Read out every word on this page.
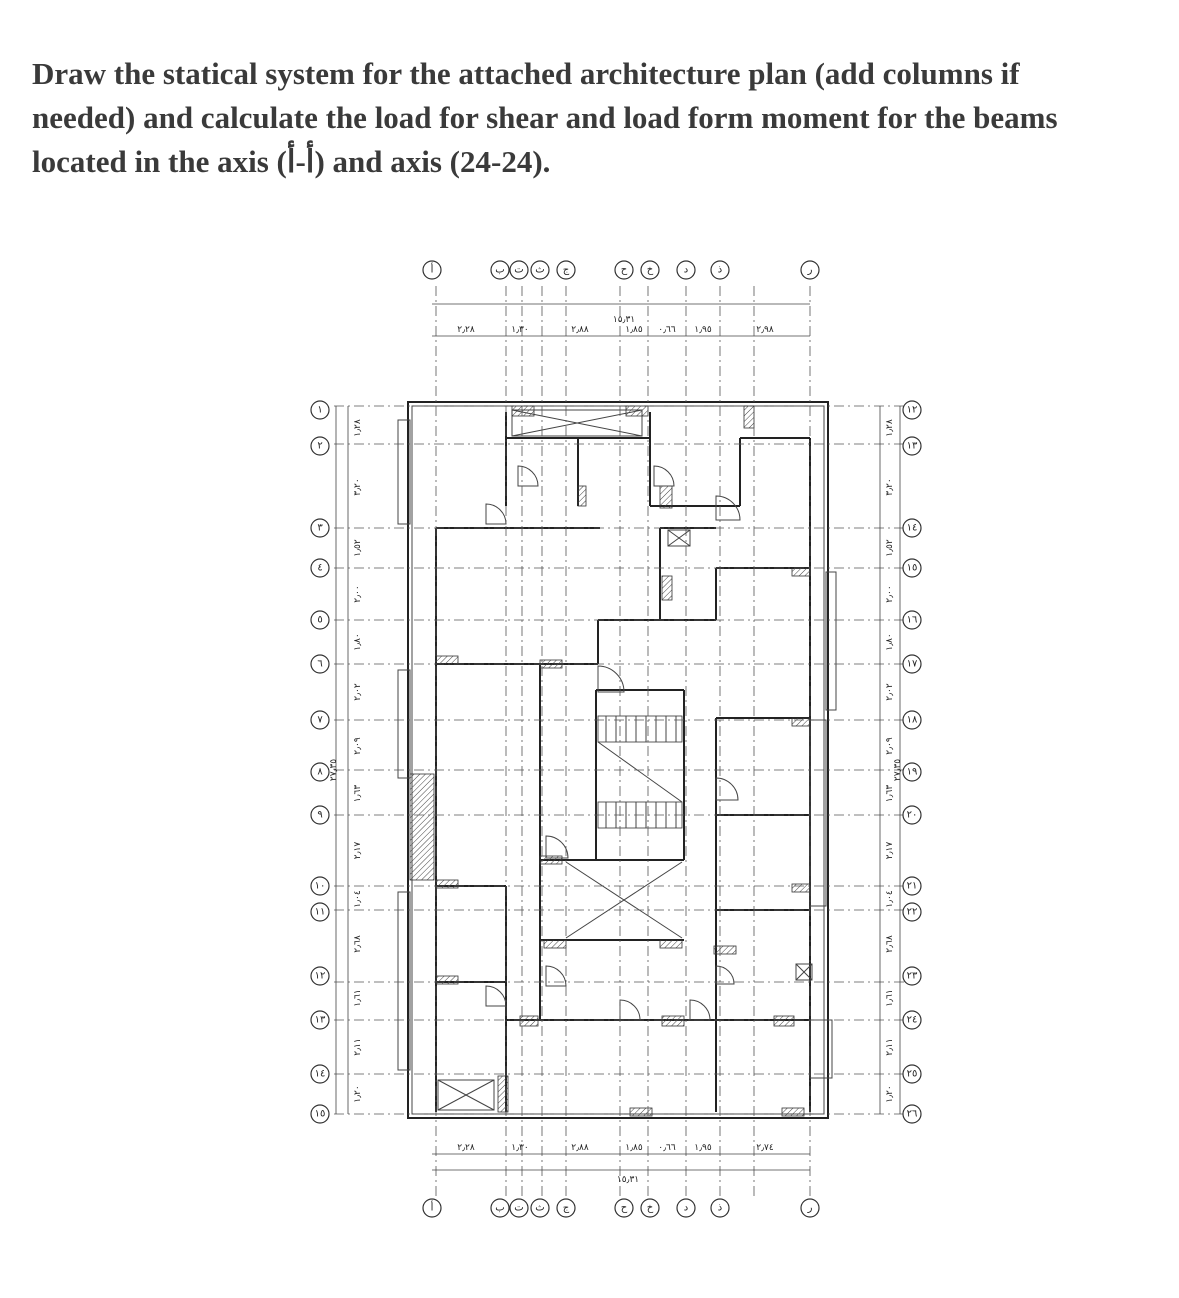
Draw the statical system for the attached architecture plan (add columns if
needed) and calculate the load for shear and load form moment for the beams
located in the axis (أ-أ) and axis (24-24).
١٥٫٣١
١٥٫٣١
٢٫٢٨	١٫٣٠	٢٫٨٨	١٫٨٥ ٠٫٦٦ ١٫٩٥	٢٫٩٨
٢٫٢٨	١٫٣٠	٢٫٨٨	١٫٨٥ ٠٫٦٦ ١٫٩٥	٢٫٧٤
١٫٢٨	١٫٢٨
٣٫٢٠	٣٫٢٠
١٫٥٢	١٫٥٢
٢٫٠٠	٢٫٠٠
١٫٨٠	١٫٨٠
٢٫٠٢	٢٫٠٢
٢٫٠٩	٢٫٠٩
١٫٦٣	١٫٦٣
٢٫١٧	٢٫١٧
١٫٠٤	١٫٠٤
٢٫٦٨	٢٫٦٨
١٫٦١	١٫٦١
٢٫١١	٢٫١١
١٫٢٠	١٫٢٠
٢٧٫٣٥	٢٧٫٣٥
أ
أ
ب
ب
ت
ت
ث
ث
ج
ج
ح
ح
خ
خ
د
د
ذ
ذ
ر
ر
١	١٢
٢	١٣
٣	١٤
٤	١٥
٥	١٦
٦	١٧
٧	١٨
٨	١٩
٩	٢٠
١٠	٢١
١١	٢٢
١٢	٢٣
١٣	٢٤
١٤	٢٥
١٥	٢٦
